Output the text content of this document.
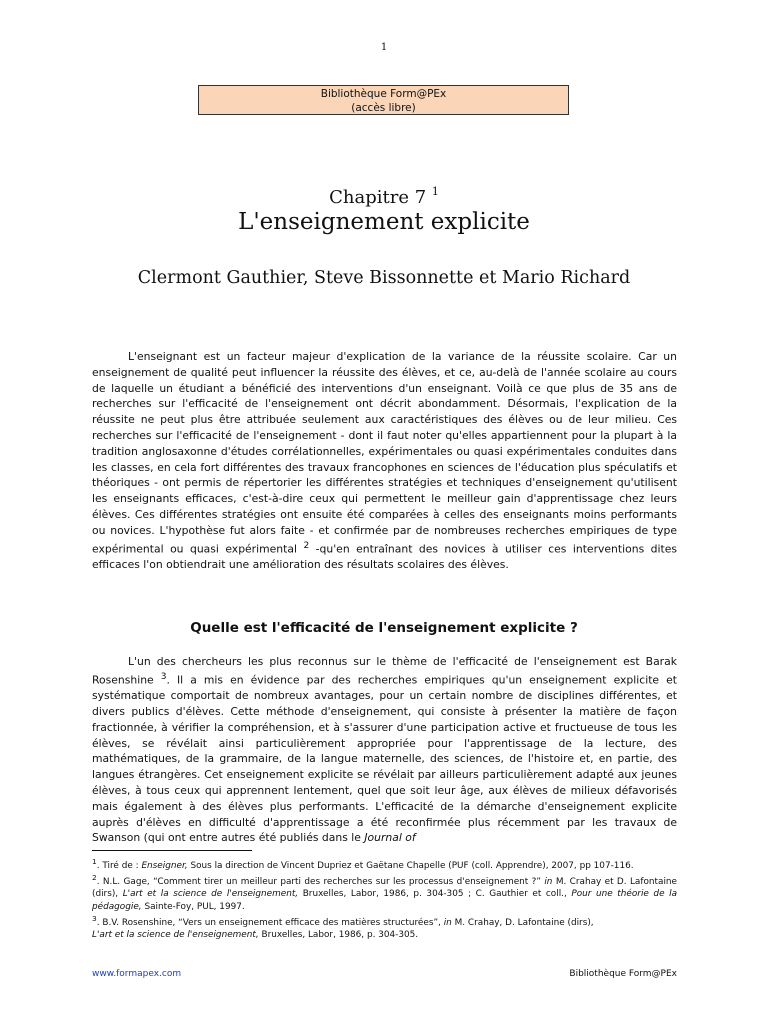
1
Bibliothèque Form@PEx
(accès libre)
Chapitre 7 $^1$
L'enseignement explicite
Clermont Gauthier, Steve Bissonnette et Mario Richard

L'enseignant est un facteur majeur d'explication de la variance de la réussite scolaire. Car un enseignement de qualité peut influencer la réussite des élèves, et ce, au-delà de l'année scolaire au cours de laquelle un étudiant a bénéficié des interventions d'un enseignant. Voilà ce que plus de 35 ans de recherches sur l'efficacité de l'enseignement ont décrit abondamment. Désormais, l'explication de la réussite ne peut plus être attribuée seulement aux caractéristiques des élèves ou de leur milieu. Ces recherches sur l'efficacité de l'enseignement - dont il faut noter qu'elles appartiennent pour la plupart à la tradition anglosaxonne d'études corrélationnelles, expérimentales ou quasi expérimentales conduites dans les classes, en cela fort différentes des travaux francophones en sciences de l'éducation plus spéculatifs et théoriques - ont permis de répertorier les différentes stratégies et techniques d'enseignement qu'utilisent les enseignants efficaces, c'est-à-dire ceux qui permettent le meilleur gain d'apprentissage chez leurs élèves. Ces différentes stratégies ont ensuite été comparées à celles des enseignants moins performants ou novices. L'hypothèse fut alors faite - et confirmée par de nombreuses recherches empiriques de type expérimental ou quasi expérimental $^2$ -qu'en entraînant des novices à utiliser ces interventions dites efficaces l'on obtiendrait une amélioration des résultats scolaires des élèves.

Quelle est l'efficacité de l'enseignement explicite ?

L'un des chercheurs les plus reconnus sur le thème de l'efficacité de l'enseignement est Barak Rosenshine $^3$. Il a mis en évidence par des recherches empiriques qu'un enseignement explicite et systématique comportait de nombreux avantages, pour un certain nombre de disciplines différentes, et divers publics d'élèves. Cette méthode d'enseignement, qui consiste à présenter la matière de façon fractionnée, à vérifier la compréhension, et à s'assurer d'une participation active et fructueuse de tous les élèves, se révélait ainsi particulièrement appropriée pour l'apprentissage de la lecture, des mathématiques, de la grammaire, de la langue maternelle, des sciences, de l'histoire et, en partie, des langues étrangères. Cet enseignement explicite se révélait par ailleurs particulièrement adapté aux jeunes élèves, à tous ceux qui apprennent lentement, quel que soit leur âge, aux élèves de milieux défavorisés mais également à des élèves plus performants. L'efficacité de la démarche d'enseignement explicite auprès d'élèves en difficulté d'apprentissage a été reconfirmée plus récemment par les travaux de Swanson (qui ont entre autres été publiés dans le Journal of

$^1$. Tiré de : Enseigner, Sous la direction de Vincent Dupriez et Gaëtane Chapelle (PUF (coll. Apprendre), 2007, pp 107-116.

$^2$. N.L. Gage, “Comment tirer un meilleur parti des recherches sur les processus d'enseignement ?” in M. Crahay et D. Lafontaine (dirs), L'art et la science de l'enseignement, Bruxelles, Labor, 1986, p. 304-305 ; C. Gauthier et coll., Pour une théorie de la pédagogie, Sainte-Foy, PUL, 1997.

$^3$. B.V. Rosenshine, “Vers un enseignement efficace des matières structurées”, in M. Crahay, D. Lafontaine (dirs),
L'art et la science de l'enseignement, Bruxelles, Labor, 1986, p. 304-305.

www.formapex.com	Bibliothèque Form@PEx
